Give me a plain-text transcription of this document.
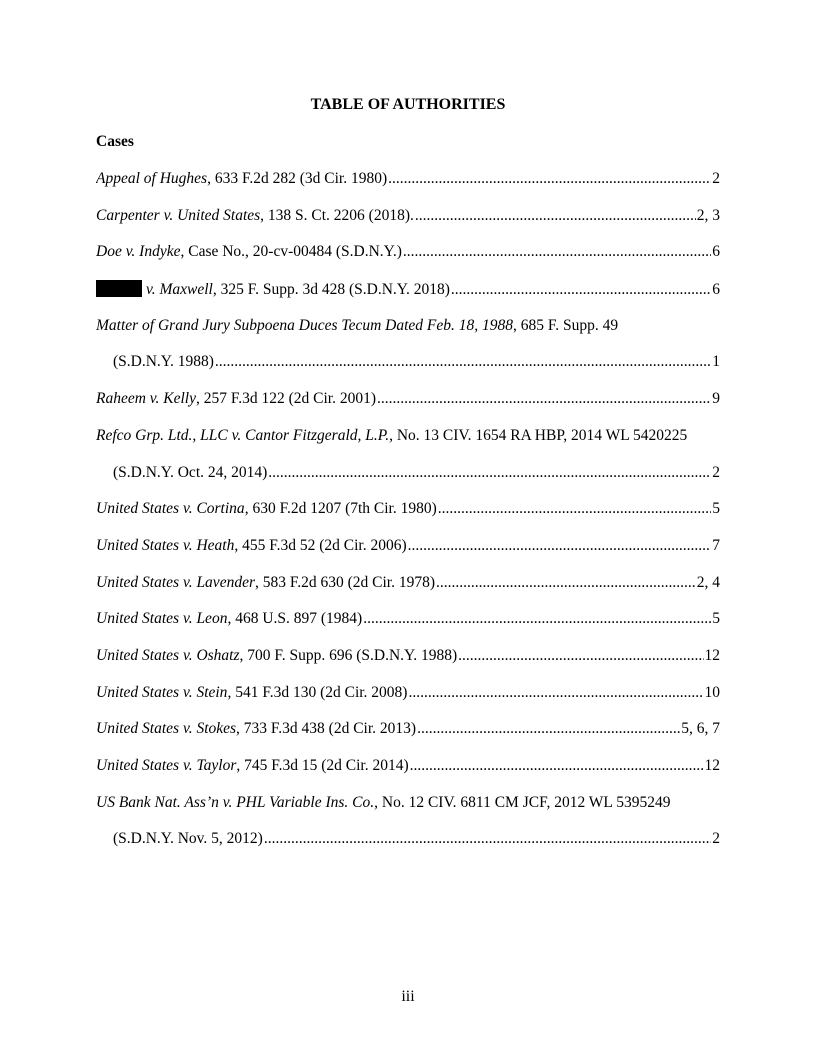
TABLE OF AUTHORITIES
Cases
Appeal of Hughes, 633 F.2d 282 (3d Cir. 1980) .....	2
Carpenter v. United States, 138 S. Ct. 2206 (2018). .....	2, 3
Doe v. Indyke, Case No., 20-cv-00484 (S.D.N.Y.) .....	6
v. Maxwell, 325 F. Supp. 3d 428 (S.D.N.Y. 2018) .....	6
Matter of Grand Jury Subpoena Duces Tecum Dated Feb. 18, 1988, 685 F. Supp. 49
(S.D.N.Y. 1988) .....	1
Raheem v. Kelly, 257 F.3d 122 (2d Cir. 2001) .....	9
Refco Grp. Ltd., LLC v. Cantor Fitzgerald, L.P., No. 13 CIV. 1654 RA HBP, 2014 WL 5420225
(S.D.N.Y. Oct. 24, 2014) .....	2
United States v. Cortina, 630 F.2d 1207 (7th Cir. 1980) .....	5
United States v. Heath, 455 F.3d 52 (2d Cir. 2006) .....	7
United States v. Lavender, 583 F.2d 630 (2d Cir. 1978) .....	2, 4
United States v. Leon, 468 U.S. 897 (1984) .....	5
United States v. Oshatz, 700 F. Supp. 696 (S.D.N.Y. 1988) .....	12
United States v. Stein, 541 F.3d 130 (2d Cir. 2008) .....	10
United States v. Stokes, 733 F.3d 438 (2d Cir. 2013) .....	5, 6, 7
United States v. Taylor, 745 F.3d 15 (2d Cir. 2014) .....	12
US Bank Nat. Ass’n v. PHL Variable Ins. Co., No. 12 CIV. 6811 CM JCF, 2012 WL 5395249
(S.D.N.Y. Nov. 5, 2012) .....	2
iii
